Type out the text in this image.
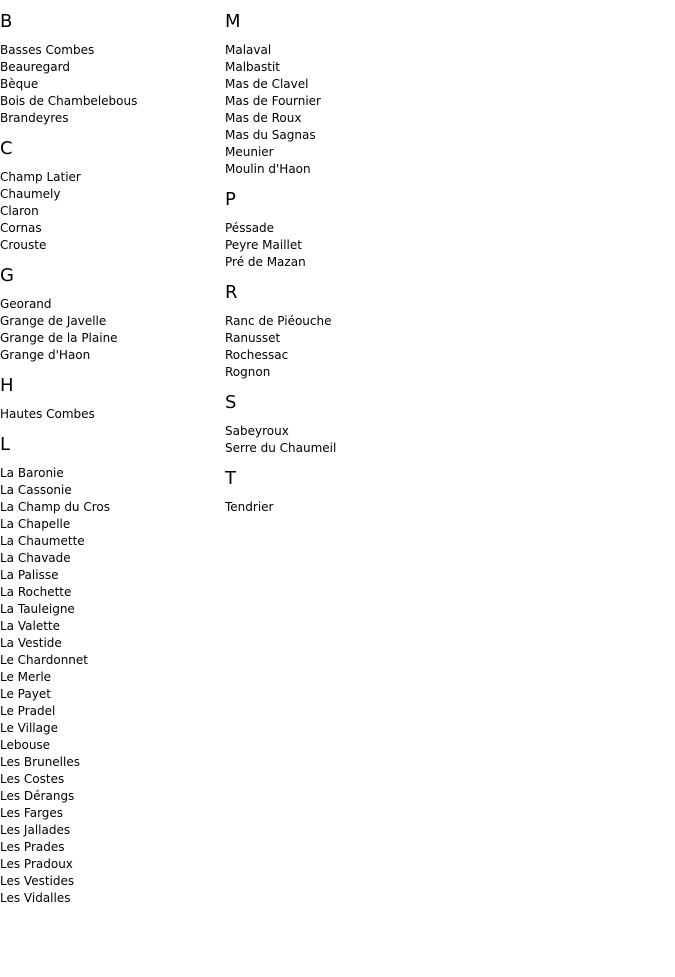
B
Basses Combes
Beauregard
Bèque
Bois de Chambelebous
Brandeyres
C
Champ Latier
Chaumely
Claron
Cornas
Crouste
G
Georand
Grange de Javelle
Grange de la Plaine
Grange d'Haon
H
Hautes Combes
L
La Baronie
La Cassonie
La Champ du Cros
La Chapelle
La Chaumette
La Chavade
La Palisse
La Rochette
La Tauleigne
La Valette
La Vestide
Le Chardonnet
Le Merle
Le Payet
Le Pradel
Le Village
Lebouse
Les Brunelles
Les Costes
Les Dérangs
Les Farges
Les Jallades
Les Prades
Les Pradoux
Les Vestides
Les Vidalles
M
Malaval
Malbastit
Mas de Clavel
Mas de Fournier
Mas de Roux
Mas du Sagnas
Meunier
Moulin d'Haon
P
Péssade
Peyre Maillet
Pré de Mazan
R
Ranc de Piéouche
Ranusset
Rochessac
Rognon
S
Sabeyroux
Serre du Chaumeil
T
Tendrier
